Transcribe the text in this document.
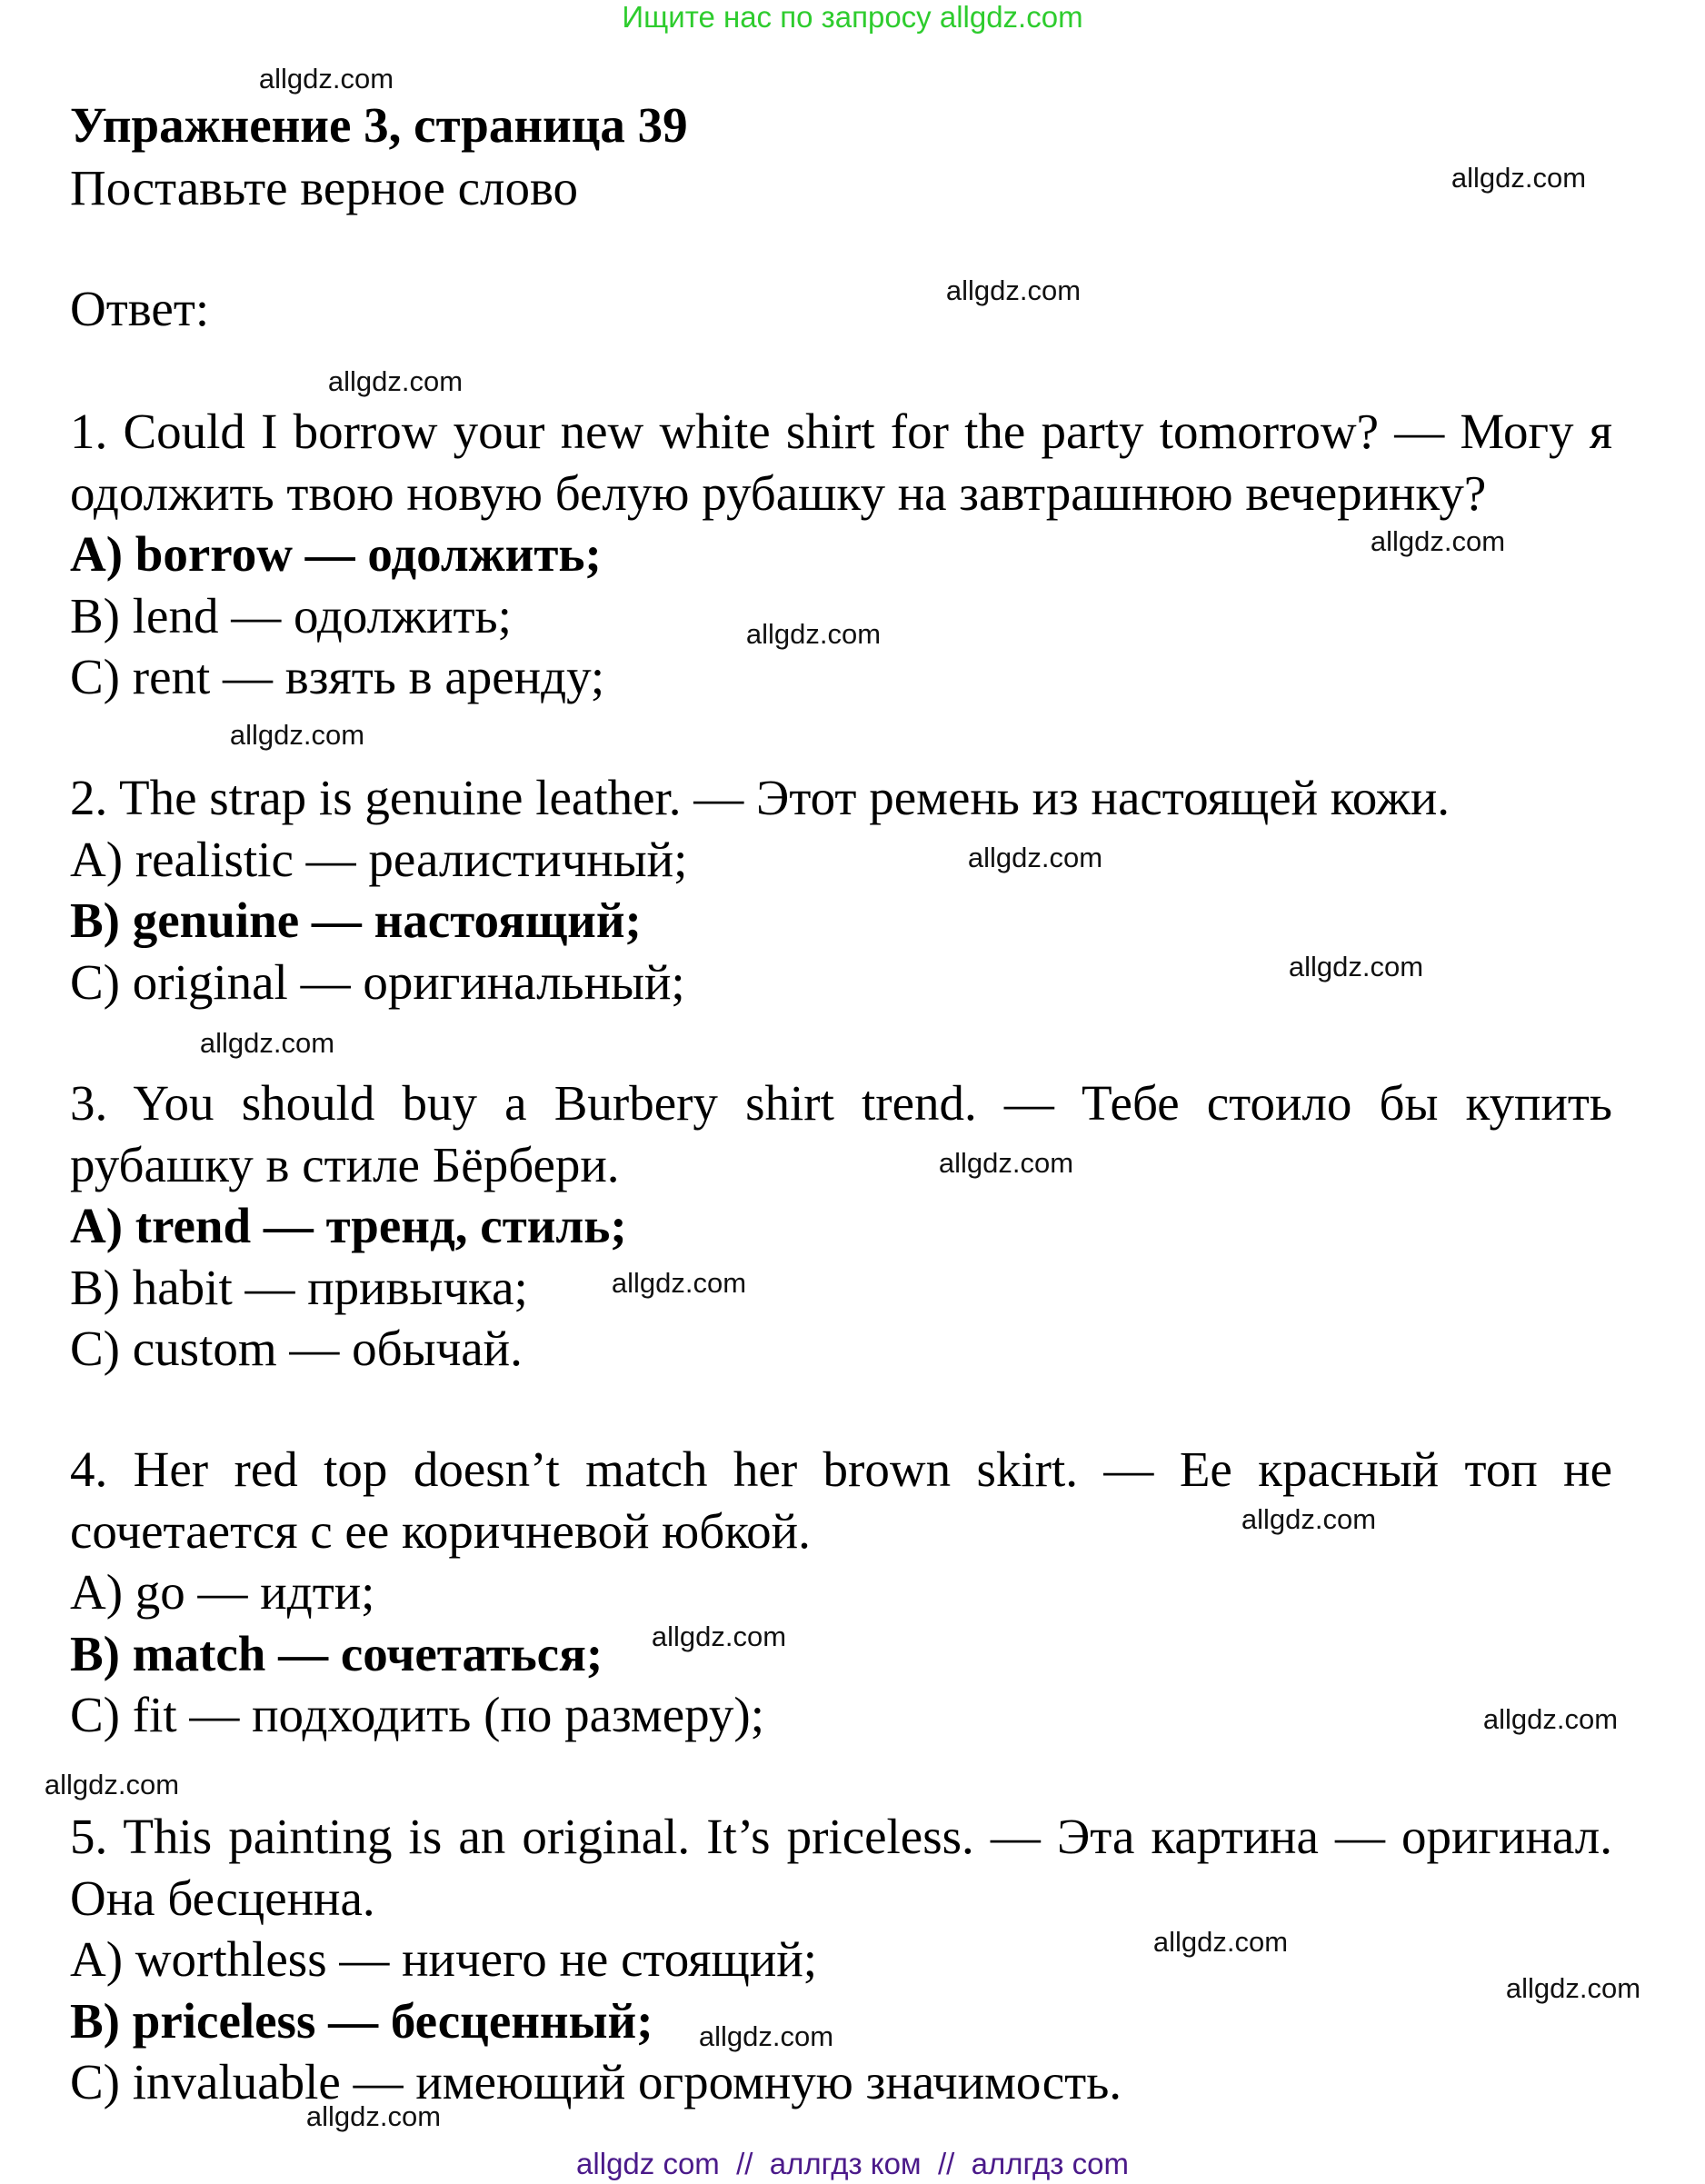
Ищите нас по запросу allgdz.com
Упражнение 3, страница 39
Поставьте верное слово
Ответ:

1. Could I borrow your new white shirt for the party tomorrow? — Могу я одолжить твою новую белую рубашку на завтрашнюю вечеринку?

A) borrow — одолжить;

B) lend — одолжить;

C) rent — взять в аренду;

2. The strap is genuine leather. — Этот ремень из настоящей кожи.

A) realistic — реалистичный;

B) genuine — настоящий;

C) original — оригинальный;

3. You should buy a Burbery shirt trend. — Тебе стоило бы купить рубашку в стиле Бёрбери.

A) trend — тренд, стиль;

B) habit — привычка;

C) custom — обычай.

4. Her red top doesn’t match her brown skirt. — Ее красный топ не сочетается с ее коричневой юбкой.

A) go — идти;

B) match — сочетаться;

C) fit — подходить (по размеру);

5. This painting is an original. It’s priceless. — Эта картина — оригинал. Она бесценна.

A) worthless — ничего не стоящий;

B) priceless — бесценный;

C) invaluable — имеющий огромную значимость.

allgdz.com
allgdz.com
allgdz.com
allgdz.com
allgdz.com
allgdz.com
allgdz.com
allgdz.com
allgdz.com
allgdz.com
allgdz.com
allgdz.com
allgdz.com
allgdz.com
allgdz.com
allgdz.com
allgdz.com
allgdz.com
allgdz.com
allgdz.com
allgdz com  //  аллгдз ком  //  аллгдз com
